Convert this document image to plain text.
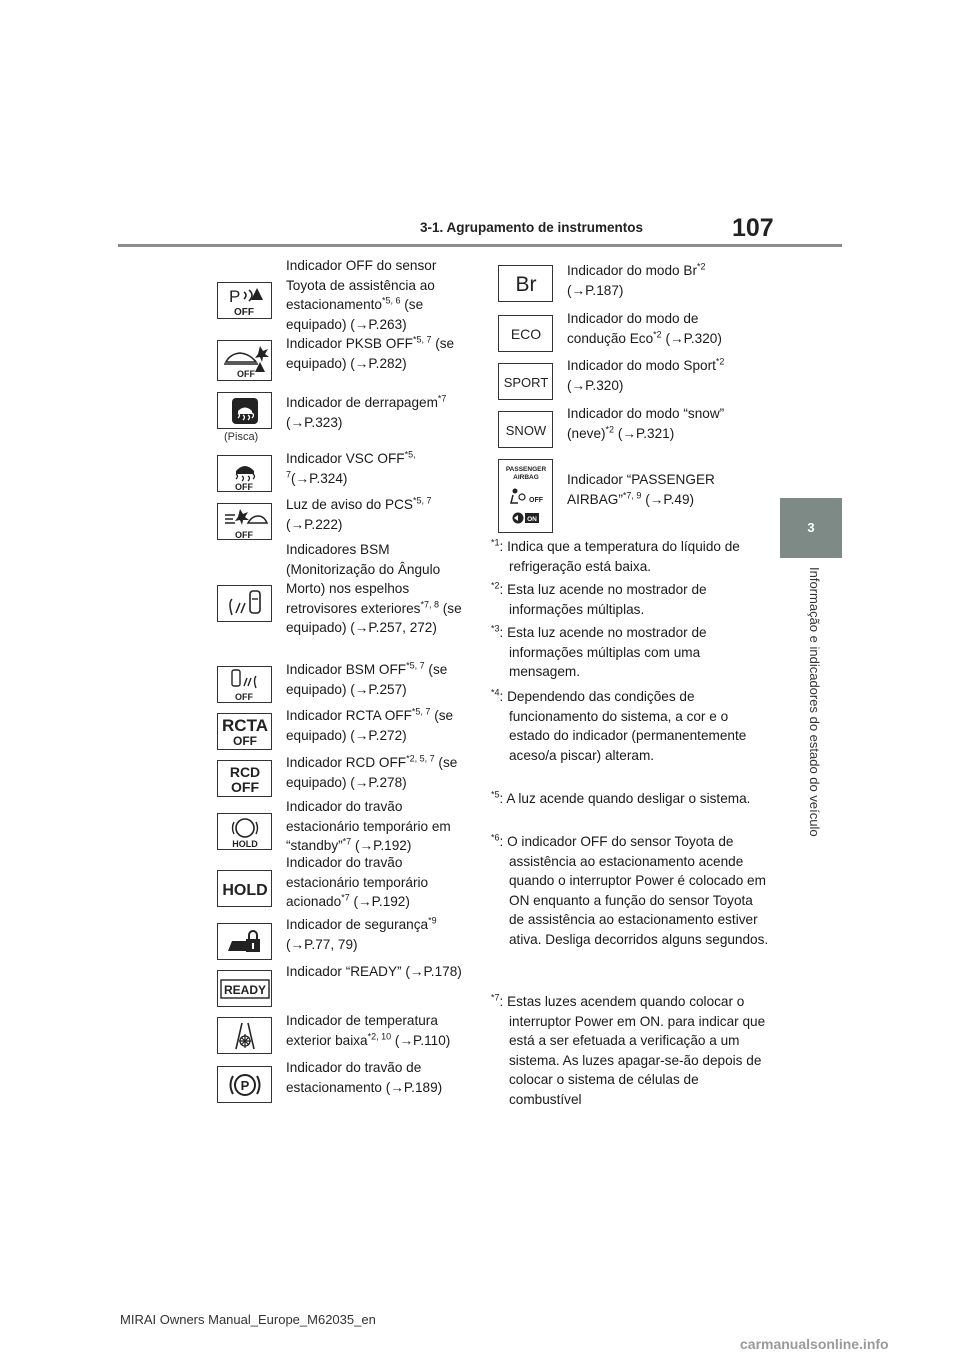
3-1. Agrupamento de instrumentos	107
3
Informação e indicadores do estado do veículo
P
OFF
Indicador OFF do sensor Toyota de assistência ao estacionamento$^{*5, 6}$ (se equipado) (→P.263)
OFF
Indicador PKSB OFF$^{*5, 7}$ (se equipado) (→P.282)
(Pisca)
Indicador de derrapagem$^{*7}$ (→P.323)
OFF
Indicador VSC OFF$^{*5, 7}$(→P.324)
OFF
Luz de aviso do PCS$^{*5, 7}$ (→P.222)
Indicadores BSM (Monitorização do Ângulo Morto) nos espelhos retrovisores exteriores$^{*7, 8}$ (se equipado) (→P.257, 272)
OFF
Indicador BSM OFF$^{*5, 7}$ (se equipado) (→P.257)
RCTA
OFF
Indicador RCTA OFF$^{*5, 7}$ (se equipado) (→P.272)
RCD
OFF
Indicador RCD OFF$^{*2, 5, 7}$ (se equipado) (→P.278)
HOLD
Indicador do travão estacionário temporário em “standby”$^{*7}$ (→P.192)
HOLD
Indicador do travão estacionário temporário acionado$^{*7}$ (→P.192)
Indicador de segurança$^{*9}$ (→P.77, 79)
READY
Indicador “READY” (→P.178)
Indicador de temperatura exterior baixa$^{*2, 10}$ (→P.110)
P
Indicador do travão de estacionamento (→P.189)
Br
Indicador do modo Br$^{*2}$ (→P.187)
ECO
Indicador do modo de condução Eco$^{*2}$ (→P.320)
SPORT
Indicador do modo Sport$^{*2}$ (→P.320)
SNOW
Indicador do modo “snow” (neve)$^{*2}$ (→P.321)
PASSENGER
AIRBAG
OFF
ON
Indicador “PASSENGER AIRBAG”$^{*7, 9}$ (→P.49)
$^{*1}$: Indica que a temperatura do líquido de refrigeração está baixa.
$^{*2}$: Esta luz acende no mostrador de informações múltiplas.
$^{*3}$: Esta luz acende no mostrador de informações múltiplas com uma mensagem.
$^{*4}$: Dependendo das condições de funcionamento do sistema, a cor e o estado do indicador (permanentemente aceso/a piscar) alteram.
$^{*5}$: A luz acende quando desligar o sistema.
$^{*6}$: O indicador OFF do sensor Toyota de assistência ao estacionamento acende quando o interruptor Power é colocado em ON enquanto a função do sensor Toyota de assistência ao estacionamento estiver ativa. Desliga decorridos alguns segundos.
$^{*7}$: Estas luzes acendem quando colocar o interruptor Power em ON. para indicar que está a ser efetuada a verificação a um sistema. As luzes apagar-se-ão depois de colocar o sistema de células de combustível
MIRAI Owners Manual_Europe_M62035_en
carmanualsonline.info
